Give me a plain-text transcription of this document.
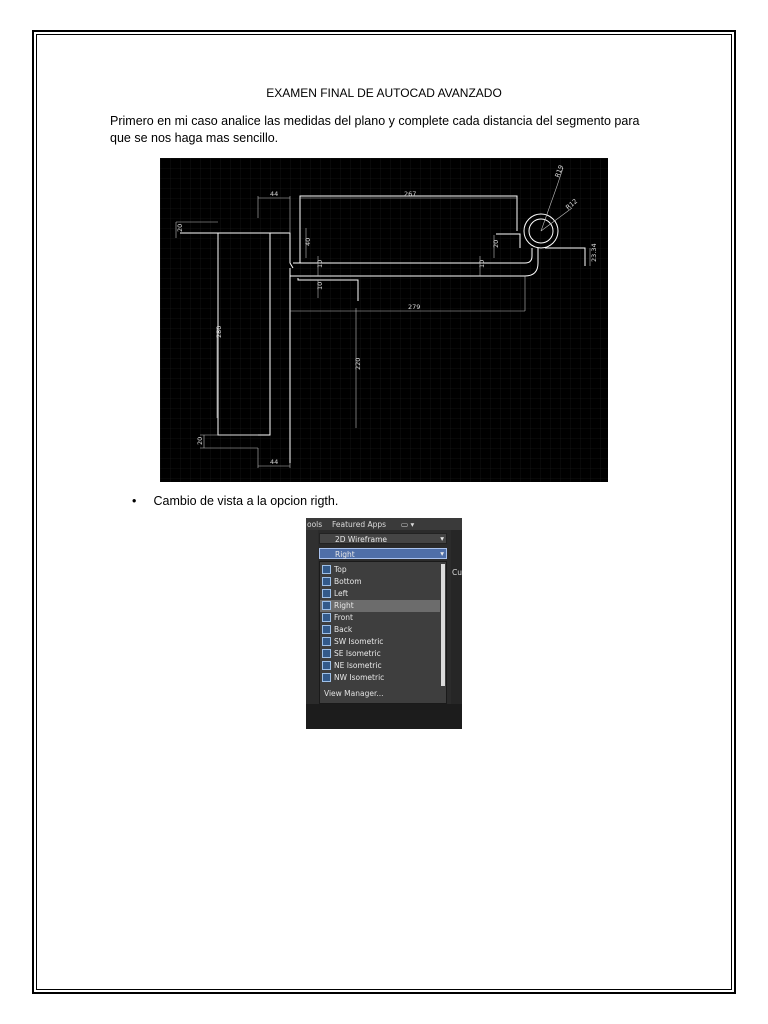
EXAMEN FINAL DE AUTOCAD AVANZADO
Primero en mi caso analice las medidas del plano y complete cada distancia del segmento para
que se nos haga mas sencillo.
44	267
20
40	20
10	10
10
R19
R12
23.34
279
280
220
20
44
• Cambio de vista a la opcion rigth.
ools Featured Apps ▭ ▾
2D Wireframe	▾
Right	▾
Top
Bottom
Left
Right
Front
Back
SW Isometric
SE Isometric
NE Isometric
NW Isometric
View Manager...
Cu
